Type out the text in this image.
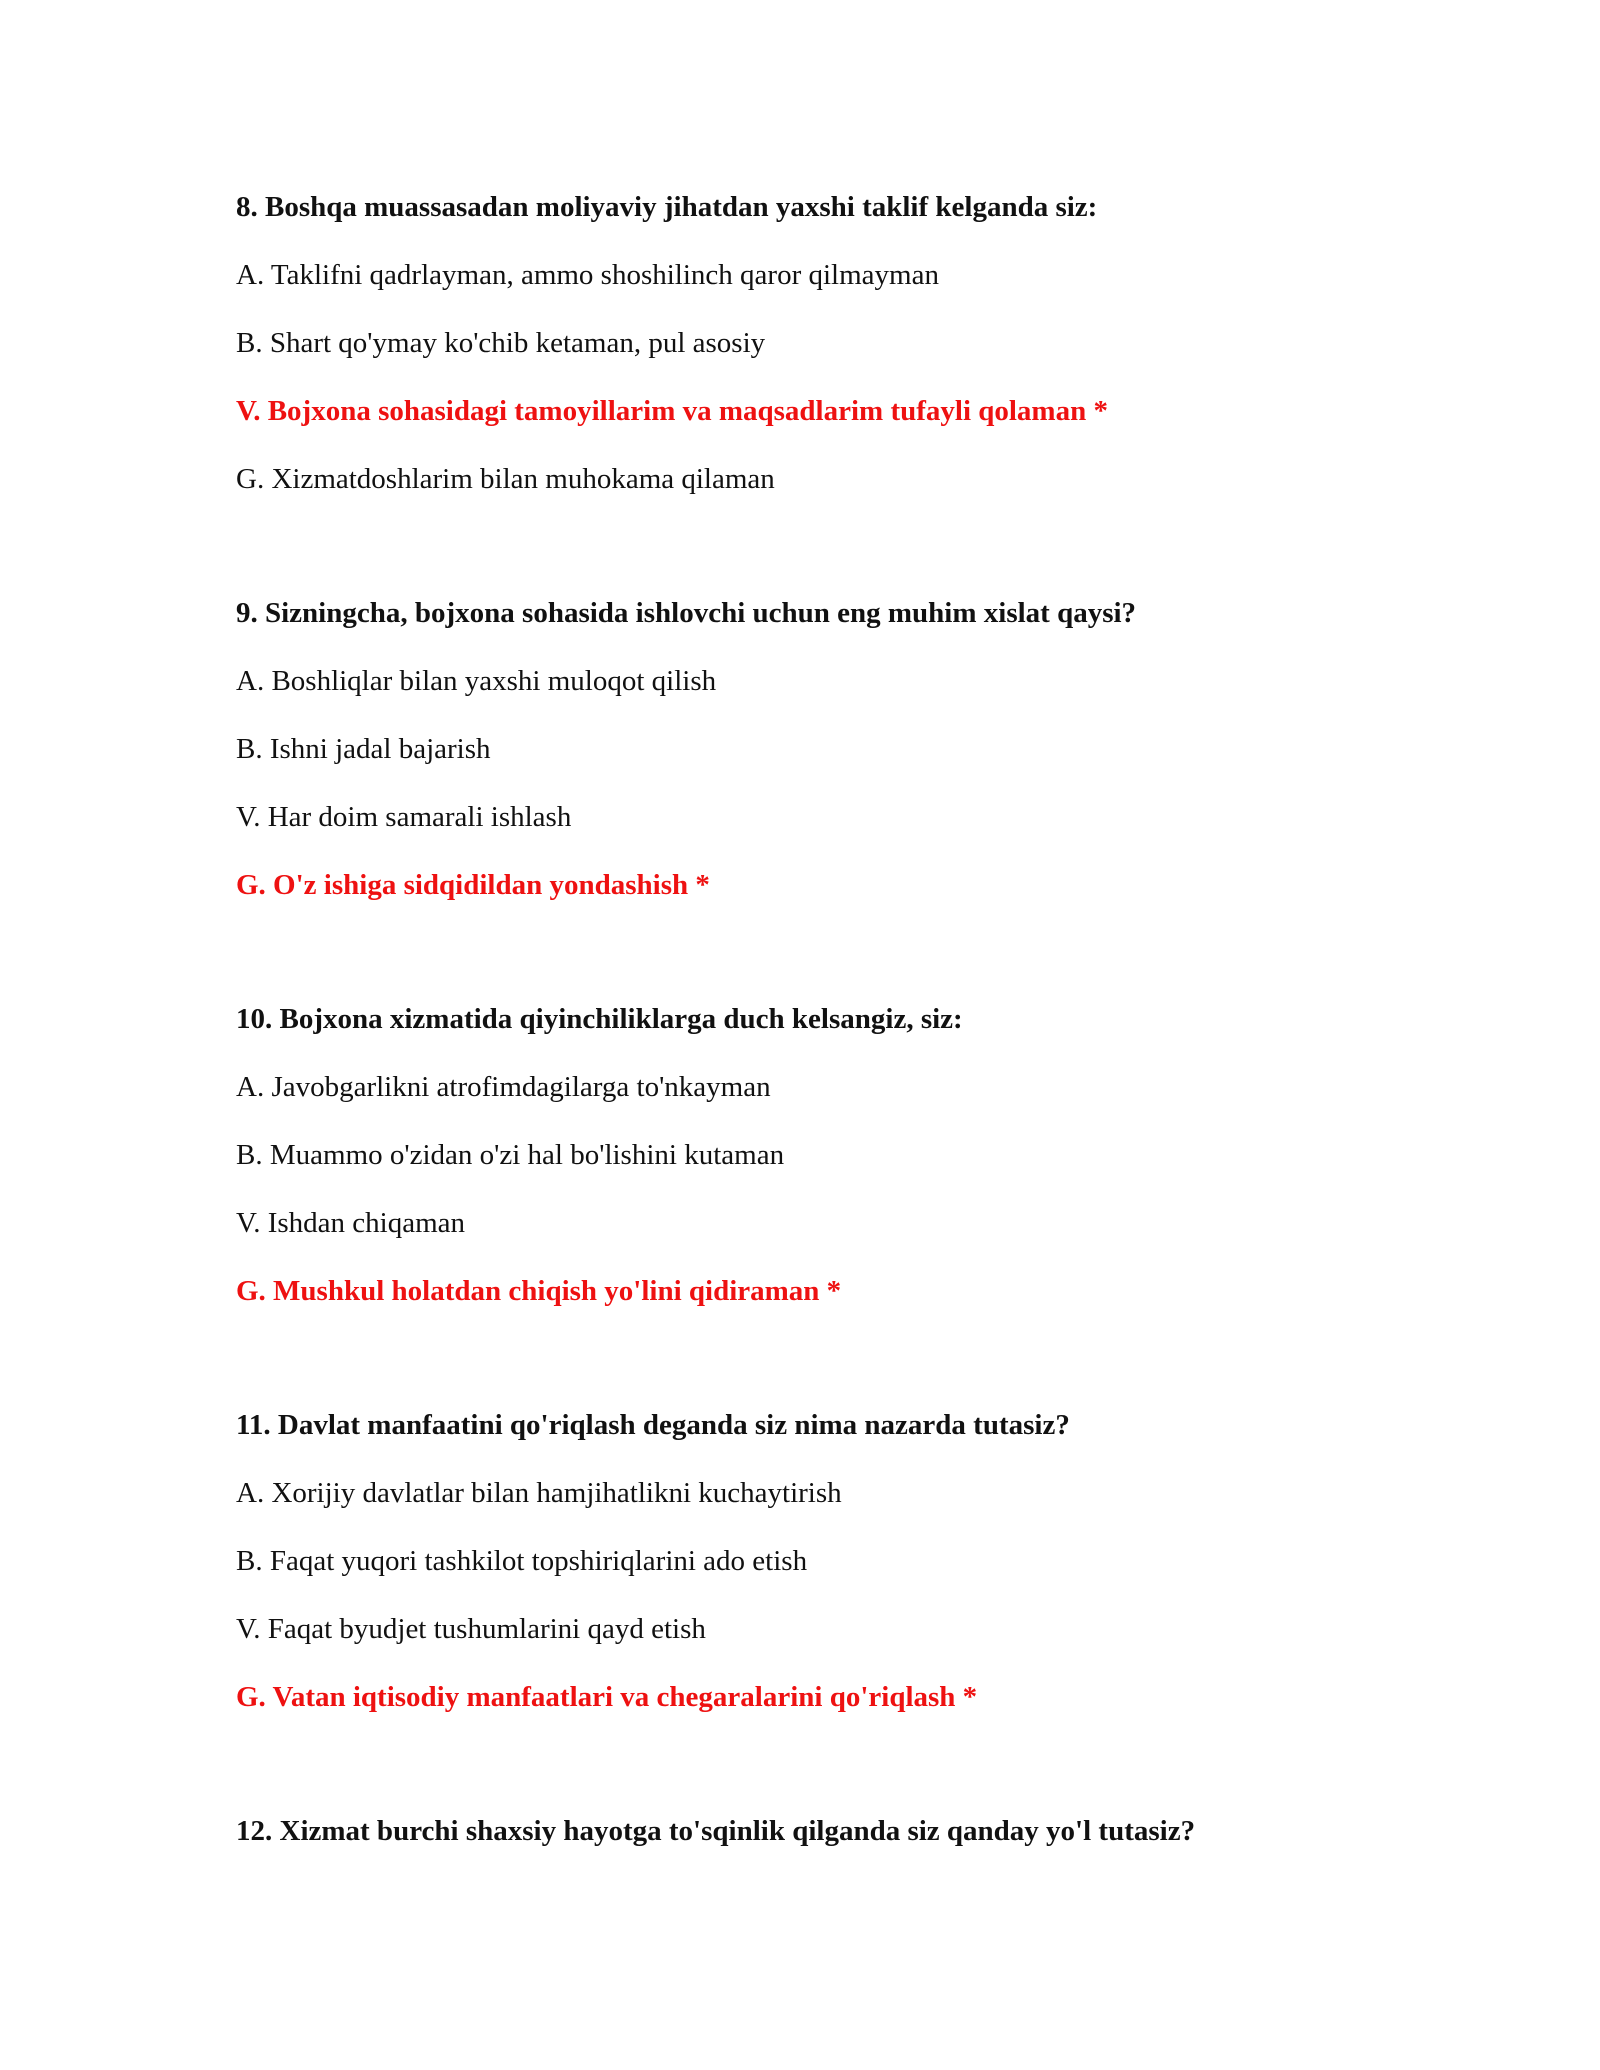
8. Boshqa muassasadan moliyaviy jihatdan yaxshi taklif kelganda siz:
A. Taklifni qadrlayman, ammo shoshilinch qaror qilmayman
B. Shart qo'ymay ko'chib ketaman, pul asosiy
V. Bojxona sohasidagi tamoyillarim va maqsadlarim tufayli qolaman *
G. Xizmatdoshlarim bilan muhokama qilaman
9. Sizningcha, bojxona sohasida ishlovchi uchun eng muhim xislat qaysi?
A. Boshliqlar bilan yaxshi muloqot qilish
B. Ishni jadal bajarish
V. Har doim samarali ishlash
G. O'z ishiga sidqidildan yondashish *
10. Bojxona xizmatida qiyinchiliklarga duch kelsangiz, siz:
A. Javobgarlikni atrofimdagilarga to'nkayman
B. Muammo o'zidan o'zi hal bo'lishini kutaman
V. Ishdan chiqaman
G. Mushkul holatdan chiqish yo'lini qidiraman *
11. Davlat manfaatini qo'riqlash deganda siz nima nazarda tutasiz?
A. Xorijiy davlatlar bilan hamjihatlikni kuchaytirish
B. Faqat yuqori tashkilot topshiriqlarini ado etish
V. Faqat byudjet tushumlarini qayd etish
G. Vatan iqtisodiy manfaatlari va chegaralarini qo'riqlash *
12. Xizmat burchi shaxsiy hayotga to'sqinlik qilganda siz qanday yo'l tutasiz?
